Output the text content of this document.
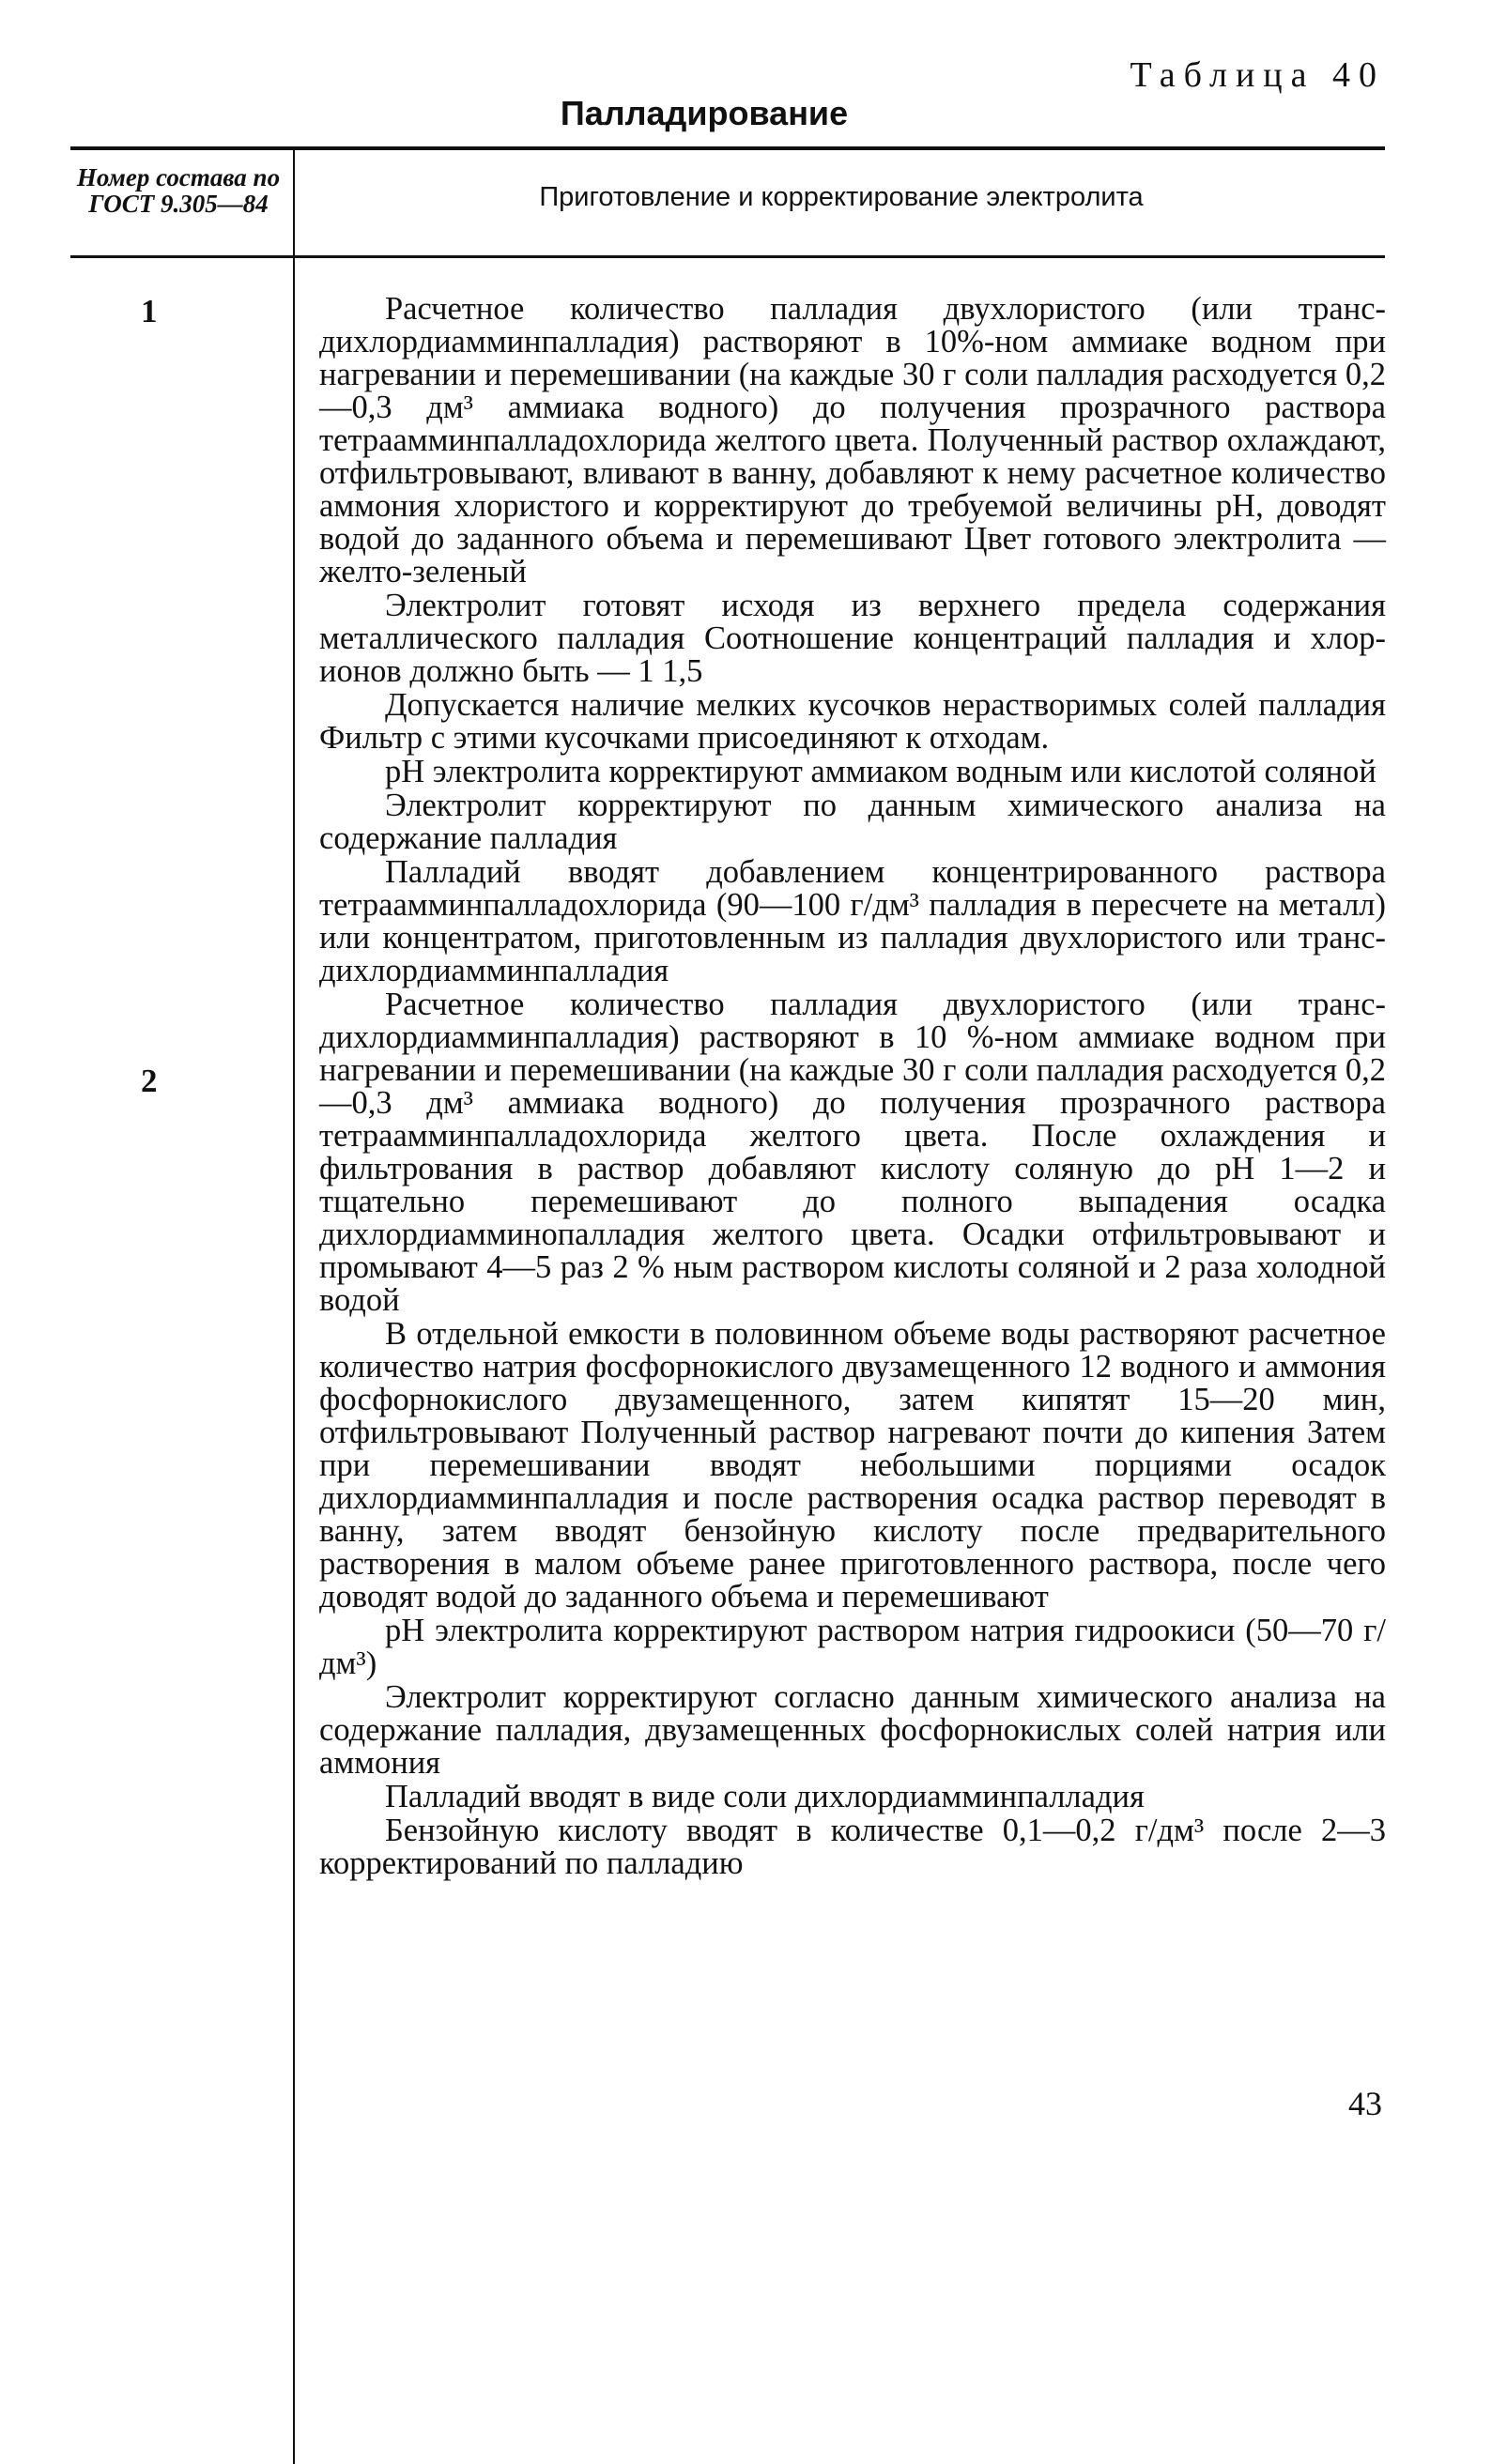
Таблица 40
Палладирование
Номер состава по ГОСТ 9.305—84	Приготовление и корректирование электролита
1
2

Расчетное количество палладия двухлористого (или транс-дихлордиамминпалладия) растворяют в 10%-ном аммиаке водном при нагревании и перемешивании (на каждые 30 г соли палладия расходуется 0,2—0,3 дм³ аммиака водного) до получения прозрачного раствора тетраамминпалладохлорида желтого цвета. Полученный раствор охлаждают, отфильтровывают, вливают в ванну, добавляют к нему расчетное количество аммония хлористого и корректируют до требуемой величины pH, доводят водой до заданного объема и перемешивают Цвет готового электролита — желто-зеленый

Электролит готовят исходя из верхнего предела содержания металлического палладия Соотношение концентраций палладия и хлор-ионов должно быть — 1 1,5

Допускается наличие мелких кусочков нерастворимых солей палладия Фильтр с этими кусочками присоединяют к отходам.

pH электролита корректируют аммиаком водным или кислотой соляной

Электролит корректируют по данным химического анализа на содержание палладия

Палладий вводят добавлением концентрированного раствора тетраамминпалладохлорида (90—100 г/дм³ палладия в пересчете на металл) или концентратом, приготовленным из палладия двухлористого или транс-дихлордиамминпалладия

Расчетное количество палладия двухлористого (или транс-дихлордиамминпалладия) растворяют в 10 %-ном аммиаке водном при нагревании и перемешивании (на каждые 30 г соли палладия расходуется 0,2—0,3 дм³ аммиака водного) до получения прозрачного раствора тетраамминпалладохлорида желтого цвета. После охлаждения и фильтрования в раствор добавляют кислоту соляную до pH 1—2 и тщательно перемешивают до полного выпадения осадка дихлордиамминопалладия желтого цвета. Осадки отфильтровывают и промывают 4—5 раз 2 % ным раствором кислоты соляной и 2 раза холодной водой

В отдельной емкости в половинном объеме воды растворяют расчетное количество натрия фосфорнокислого двузамещенного 12 водного и аммония фосфорнокислого двузамещенного, затем кипятят 15—20 мин, отфильтровывают Полученный раствор нагревают почти до кипения Затем при перемешивании вводят небольшими порциями осадок дихлордиамминпалладия и после растворения осадка раствор переводят в ванну, затем вводят бензойную кислоту после предварительного растворения в малом объеме ранее приготовленного раствора, после чего доводят водой до заданного объема и перемешивают

pH электролита корректируют раствором натрия гидроокиси (50—70 г/дм³)

Электролит корректируют согласно данным химического анализа на содержание палладия, двузамещенных фосфорнокислых солей натрия или аммония

Палладий вводят в виде соли дихлордиамминпалладия

Бензойную кислоту вводят в количестве 0,1—0,2 г/дм³ после 2—3 корректирований по палладию

43
